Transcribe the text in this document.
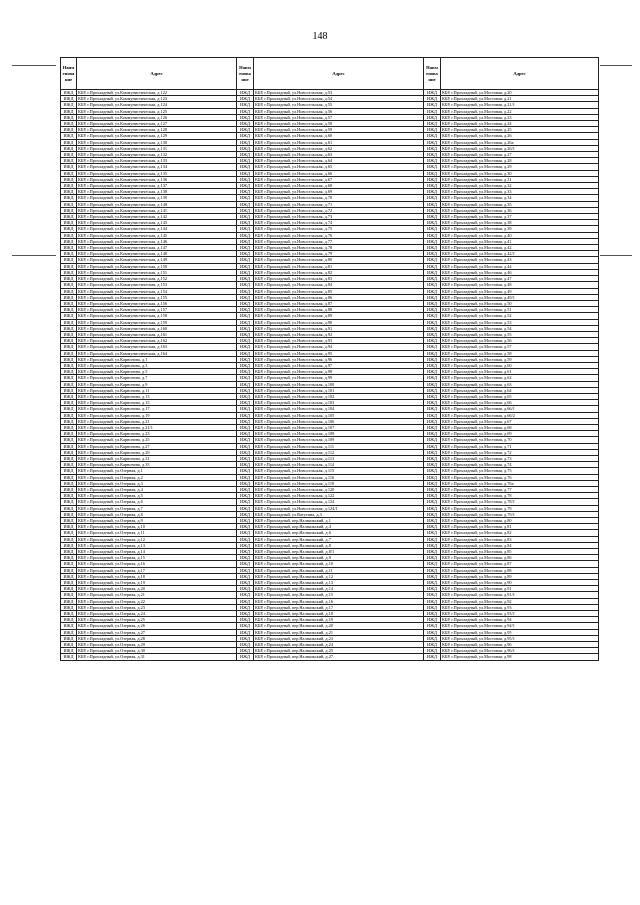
148
Наим енова ние	Адрес	Наим енова ние	Адрес	Наим енова ние	Адрес
ИЖД	КБР, г.Прохладный, ул.Коммунистическая, д.122	ИЖД	КБР, г.Прохладный, ул.Новосельская, д.53	ИЖД	КБР, г.Прохладный, ул.Мостовая, д.20
ИЖД	КБР, г.Прохладный, ул.Коммунистическая, д.123	ИЖД	КБР, г.Прохладный, ул.Новосельская, д.54	ИЖД	КБР, г.Прохладный, ул.Мостовая, д.21
ИЖД	КБР, г.Прохладный, ул.Коммунистическая, д.124	ИЖД	КБР, г.Прохладный, ул.Новосельская, д.55	ИЖД	КБР, г.Прохладный, ул.Мостовая, д.21/1
ИЖД	КБР, г.Прохладный, ул.Коммунистическая, д.125	ИЖД	КБР, г.Прохладный, ул.Новосельская, д.56	ИЖД	КБР, г.Прохладный, ул.Мостовая, д.22
ИЖД	КБР, г.Прохладный, ул.Коммунистическая, д.126	ИЖД	КБР, г.Прохладный, ул.Новосельская, д.57	ИЖД	КБР, г.Прохладный, ул.Мостовая, д.23
ИЖД	КБР, г.Прохладный, ул.Коммунистическая, д.127	ИЖД	КБР, г.Прохладный, ул.Новосельская, д.58	ИЖД	КБР, г.Прохладный, ул.Мостовая, д.24
ИЖД	КБР, г.Прохладный, ул.Коммунистическая, д.128	ИЖД	КБР, г.Прохладный, ул.Новосельская, д.59	ИЖД	КБР, г.Прохладный, ул.Мостовая, д.25
ИЖД	КБР, г.Прохладный, ул.Коммунистическая, д.129	ИЖД	КБР, г.Прохладный, ул.Новосельская, д.60	ИЖД	КБР, г.Прохладный, ул.Мостовая, д.26
ИЖД	КБР, г.Прохладный, ул.Коммунистическая, д.130	ИЖД	КБР, г.Прохладный, ул.Новосельская, д.61	ИЖД	КБР, г.Прохладный, ул.Мостовая, д.26а
ИЖД	КБР, г.Прохладный, ул.Коммунистическая, д.131	ИЖД	КБР, г.Прохладный, ул.Новосельская, д.62	ИЖД	КБР, г.Прохладный, ул.Мостовая, д.26/1
ИЖД	КБР, г.Прохладный, ул.Коммунистическая, д.132	ИЖД	КБР, г.Прохладный, ул.Новосельская, д.63	ИЖД	КБР, г.Прохладный, ул.Мостовая, д.27
ИЖД	КБР, г.Прохладный, ул.Коммунистическая, д.133	ИЖД	КБР, г.Прохладный, ул.Новосельская, д.64	ИЖД	КБР, г.Прохладный, ул.Мостовая, д.28
ИЖД	КБР, г.Прохладный, ул.Коммунистическая, д.134	ИЖД	КБР, г.Прохладный, ул.Новосельская, д.65	ИЖД	КБР, г.Прохладный, ул.Мостовая, д.29
ИЖД	КБР, г.Прохладный, ул.Коммунистическая, д.135	ИЖД	КБР, г.Прохладный, ул.Новосельская, д.66	ИЖД	КБР, г.Прохладный, ул.Мостовая, д.30
ИЖД	КБР, г.Прохладный, ул.Коммунистическая, д.136	ИЖД	КБР, г.Прохладный, ул.Новосельская, д.67	ИЖД	КБР, г.Прохладный, ул.Мостовая, д.31
ИЖД	КБР, г.Прохладный, ул.Коммунистическая, д.137	ИЖД	КБР, г.Прохладный, ул.Новосельская, д.68	ИЖД	КБР, г.Прохладный, ул.Мостовая, д.32
ИЖД	КБР, г.Прохладный, ул.Коммунистическая, д.138	ИЖД	КБР, г.Прохладный, ул.Новосельская, д.69	ИЖД	КБР, г.Прохладный, ул.Мостовая, д.33
ИЖД	КБР, г.Прохладный, ул.Коммунистическая, д.139	ИЖД	КБР, г.Прохладный, ул.Новосельская, д.70	ИЖД	КБР, г.Прохладный, ул.Мостовая, д.34
ИЖД	КБР, г.Прохладный, ул.Коммунистическая, д.140	ИЖД	КБР, г.Прохладный, ул.Новосельская, д.71	ИЖД	КБР, г.Прохладный, ул.Мостовая, д.35
ИЖД	КБР, г.Прохладный, ул.Коммунистическая, д.141	ИЖД	КБР, г.Прохладный, ул.Новосельская, д.72	ИЖД	КБР, г.Прохладный, ул.Мостовая, д.36
ИЖД	КБР, г.Прохладный, ул.Коммунистическая, д.142	ИЖД	КБР, г.Прохладный, ул.Новосельская, д.73	ИЖД	КБР, г.Прохладный, ул.Мостовая, д.37
ИЖД	КБР, г.Прохладный, ул.Коммунистическая, д.143	ИЖД	КБР, г.Прохладный, ул.Новосельская, д.74	ИЖД	КБР, г.Прохладный, ул.Мостовая, д.38
ИЖД	КБР, г.Прохладный, ул.Коммунистическая, д.144	ИЖД	КБР, г.Прохладный, ул.Новосельская, д.75	ИЖД	КБР, г.Прохладный, ул.Мостовая, д.39
ИЖД	КБР, г.Прохладный, ул.Коммунистическая, д.145	ИЖД	КБР, г.Прохладный, ул.Новосельская, д.76	ИЖД	КБР, г.Прохладный, ул.Мостовая, д.40
ИЖД	КБР, г.Прохладный, ул.Коммунистическая, д.146	ИЖД	КБР, г.Прохладный, ул.Новосельская, д.77	ИЖД	КБР, г.Прохладный, ул.Мостовая, д.41
ИЖД	КБР, г.Прохладный, ул.Коммунистическая, д.147	ИЖД	КБР, г.Прохладный, ул.Новосельская, д.78	ИЖД	КБР, г.Прохладный, ул.Мостовая, д.42
ИЖД	КБР, г.Прохладный, ул.Коммунистическая, д.148	ИЖД	КБР, г.Прохладный, ул.Новосельская, д.79	ИЖД	КБР, г.Прохладный, ул.Мостовая, д.42/1
ИЖД	КБР, г.Прохладный, ул.Коммунистическая, д.149	ИЖД	КБР, г.Прохладный, ул.Новосельская, д.80	ИЖД	КБР, г.Прохладный, ул.Мостовая, д.43
ИЖД	КБР, г.Прохладный, ул.Коммунистическая, д.150	ИЖД	КБР, г.Прохладный, ул.Новосельская, д.81	ИЖД	КБР, г.Прохладный, ул.Мостовая, д.44
ИЖД	КБР, г.Прохладный, ул.Коммунистическая, д.151	ИЖД	КБР, г.Прохладный, ул.Новосельская, д.82	ИЖД	КБР, г.Прохладный, ул.Мостовая, д.46
ИЖД	КБР, г.Прохладный, ул.Коммунистическая, д.152	ИЖД	КБР, г.Прохладный, ул.Новосельская, д.83	ИЖД	КБР, г.Прохладный, ул.Мостовая, д.47
ИЖД	КБР, г.Прохладный, ул.Коммунистическая, д.153	ИЖД	КБР, г.Прохладный, ул.Новосельская, д.84	ИЖД	КБР, г.Прохладный, ул.Мостовая, д.48
ИЖД	КБР, г.Прохладный, ул.Коммунистическая, д.154	ИЖД	КБР, г.Прохладный, ул.Новосельская, д.85	ИЖД	КБР, г.Прохладный, ул.Мостовая, д.49
ИЖД	КБР, г.Прохладный, ул.Коммунистическая, д.155	ИЖД	КБР, г.Прохладный, ул.Новосельская, д.86	ИЖД	КБР, г.Прохладный, ул.Мостовая, д.49/1
ИЖД	КБР, г.Прохладный, ул.Коммунистическая, д.156	ИЖД	КБР, г.Прохладный, ул.Новосельская, д.87	ИЖД	КБР, г.Прохладный, ул.Мостовая, д.50
ИЖД	КБР, г.Прохладный, ул.Коммунистическая, д.157	ИЖД	КБР, г.Прохладный, ул.Новосельская, д.88	ИЖД	КБР, г.Прохладный, ул.Мостовая, д.51
ИЖД	КБР, г.Прохладный, ул.Коммунистическая, д.158	ИЖД	КБР, г.Прохладный, ул.Новосельская, д.89	ИЖД	КБР, г.Прохладный, ул.Мостовая, д.52
ИЖД	КБР, г.Прохладный, ул.Коммунистическая, д.159	ИЖД	КБР, г.Прохладный, ул.Новосельская, д.90	ИЖД	КБР, г.Прохладный, ул.Мостовая, д.53
ИЖД	КБР, г.Прохладный, ул.Коммунистическая, д.160	ИЖД	КБР, г.Прохладный, ул.Новосельская, д.91	ИЖД	КБР, г.Прохладный, ул.Мостовая, д.54
ИЖД	КБР, г.Прохладный, ул.Коммунистическая, д.161	ИЖД	КБР, г.Прохладный, ул.Новосельская, д.92	ИЖД	КБР, г.Прохладный, ул.Мостовая, д.55
ИЖД	КБР, г.Прохладный, ул.Коммунистическая, д.162	ИЖД	КБР, г.Прохладный, ул.Новосельская, д.93	ИЖД	КБР, г.Прохладный, ул.Мостовая, д.56
ИЖД	КБР, г.Прохладный, ул.Коммунистическая, д.163	ИЖД	КБР, г.Прохладный, ул.Новосельская, д.94	ИЖД	КБР, г.Прохладный, ул.Мостовая, д.57
ИЖД	КБР, г.Прохладный, ул.Коммунистическая, д.164	ИЖД	КБР, г.Прохладный, ул.Новосельская, д.95	ИЖД	КБР, г.Прохладный, ул.Мостовая, д.58
ИЖД	КБР, г.Прохладный, ул.Карнонова, д.1	ИЖД	КБР, г.Прохладный, ул.Новосельская, д.96	ИЖД	КБР, г.Прохладный, ул.Мостовая, д.59
ИЖД	КБР, г.Прохладный, ул.Карнонова, д.3	ИЖД	КБР, г.Прохладный, ул.Новосельская, д.97	ИЖД	КБР, г.Прохладный, ул.Мостовая, д.60
ИЖД	КБР, г.Прохладный, ул.Карнонова, д.5	ИЖД	КБР, г.Прохладный, ул.Новосельская, д.98	ИЖД	КБР, г.Прохладный, ул.Мостовая, д.61
ИЖД	КБР, г.Прохладный, ул.Карнонова, д.7	ИЖД	КБР, г.Прохладный, ул.Новосельская, д.99	ИЖД	КБР, г.Прохладный, ул.Мостовая, д.62
ИЖД	КБР, г.Прохладный, ул.Карнонова, д.9	ИЖД	КБР, г.Прохладный, ул.Новосельская, д.100	ИЖД	КБР, г.Прохладный, ул.Мостовая, д.63
ИЖД	КБР, г.Прохладный, ул.Карнонова, д.11	ИЖД	КБР, г.Прохладный, ул.Новосельская, д.101	ИЖД	КБР, г.Прохладный, ул.Мостовая, д.64
ИЖД	КБР, г.Прохладный, ул.Карнонова, д.13	ИЖД	КБР, г.Прохладный, ул.Новосельская, д.102	ИЖД	КБР, г.Прохладный, ул.Мостовая, д.65
ИЖД	КБР, г.Прохладный, ул.Карнонова, д.15	ИЖД	КБР, г.Прохладный, ул.Новосельская, д.103	ИЖД	КБР, г.Прохладный, ул.Мостовая, д.66
ИЖД	КБР, г.Прохладный, ул.Карнонова, д.17	ИЖД	КБР, г.Прохладный, ул.Новосельская, д.104	ИЖД	КБР, г.Прохладный, ул.Мостовая, д.66/1
ИЖД	КБР, г.Прохладный, ул.Карнонова, д.19	ИЖД	КБР, г.Прохладный, ул.Новосельская, д.105	ИЖД	КБР, г.Прохладный, ул.Мостовая, д.66/2
ИЖД	КБР, г.Прохладный, ул.Карнонова, д.21	ИЖД	КБР, г.Прохладный, ул.Новосельская, д.106	ИЖД	КБР, г.Прохладный, ул.Мостовая, д.67
ИЖД	КБР, г.Прохладный, ул.Карнонова, д.21/1	ИЖД	КБР, г.Прохладный, ул.Новосельская, д.107	ИЖД	КБР, г.Прохладный, ул.Мостовая, д.68
ИЖД	КБР, г.Прохладный, ул.Карнонова, д.23	ИЖД	КБР, г.Прохладный, ул.Новосельская, д.108	ИЖД	КБР, г.Прохладный, ул.Мостовая, д.69
ИЖД	КБР, г.Прохладный, ул.Карнонова, д.25	ИЖД	КБР, г.Прохладный, ул.Новосельская, д.109	ИЖД	КБР, г.Прохладный, ул.Мостовая, д.70
ИЖД	КБР, г.Прохладный, ул.Карнонова, д.27	ИЖД	КБР, г.Прохладный, ул.Новосельская, д.111	ИЖД	КБР, г.Прохладный, ул.Мостовая, д.71
ИЖД	КБР, г.Прохладный, ул.Карнонова, д.29	ИЖД	КБР, г.Прохладный, ул.Новосельская, д.112	ИЖД	КБР, г.Прохладный, ул.Мостовая, д.72
ИЖД	КБР, г.Прохладный, ул.Карнонова, д.31	ИЖД	КБР, г.Прохладный, ул.Новосельская, д.113	ИЖД	КБР, г.Прохладный, ул.Мостовая, д.73
ИЖД	КБР, г.Прохладный, ул.Карнонова, д.33	ИЖД	КБР, г.Прохладный, ул.Новосельская, д.114	ИЖД	КБР, г.Прохладный, ул.Мостовая, д.74
ИЖД	КБР, г.Прохладный, ул.Озерная, д.1	ИЖД	КБР, г.Прохладный, ул.Новосельская, д.115	ИЖД	КБР, г.Прохладный, ул.Мостовая, д.75
ИЖД	КБР, г.Прохладный, ул.Озерная, д.2	ИЖД	КБР, г.Прохладный, ул.Новосельская, д.116	ИЖД	КБР, г.Прохладный, ул.Мостовая, д.76
ИЖД	КБР, г.Прохладный, ул.Озерная, д.3	ИЖД	КБР, г.Прохладный, ул.Новосельская, д.118	ИЖД	КБР, г.Прохладный, ул.Мостовая, д.76а
ИЖД	КБР, г.Прохладный, ул.Озерная, д.4	ИЖД	КБР, г.Прохладный, ул.Новосельская, д.120	ИЖД	КБР, г.Прохладный, ул.Мостовая, д.77
ИЖД	КБР, г.Прохладный, ул.Озерная, д.5	ИЖД	КБР, г.Прохладный, ул.Новосельская, д.122	ИЖД	КБР, г.Прохладный, ул.Мостовая, д.78
ИЖД	КБР, г.Прохладный, ул.Озерная, д.6	ИЖД	КБР, г.Прохладный, ул.Новосельская, д.124	ИЖД	КБР, г.Прохладный, ул.Мостовая, д.78/1
ИЖД	КБР, г.Прохладный, ул.Озерная, д.7	ИЖД	КБР, г.Прохладный, ул.Новосельская, д.124/1	ИЖД	КБР, г.Прохладный, ул.Мостовая, д.79
ИЖД	КБР, г.Прохладный, ул.Озерная, д.8	ИЖД	КБР, г.Прохладный, ул.Ватутина, д.3	ИЖД	КБР, г.Прохладный, ул.Мостовая, д.79/1
ИЖД	КБР, г.Прохладный, ул.Озерная, д.9	ИЖД	КБР, г.Прохладный, пер.Нальчикский, д.1	ИЖД	КБР, г.Прохладный, ул.Мостовая, д.80
ИЖД	КБР, г.Прохладный, ул.Озерная, д.10	ИЖД	КБР, г.Прохладный, пер.Нальчикский, д.4	ИЖД	КБР, г.Прохладный, ул.Мостовая, д.81
ИЖД	КБР, г.Прохладный, ул.Озерная, д.11	ИЖД	КБР, г.Прохладный, пер.Нальчикский, д.6	ИЖД	КБР, г.Прохладный, ул.Мостовая, д.82
ИЖД	КБР, г.Прохладный, ул.Озерная, д.12	ИЖД	КБР, г.Прохладный, пер.Нальчикский, д.7	ИЖД	КБР, г.Прохладный, ул.Мостовая, д.83
ИЖД	КБР, г.Прохладный, ул.Озерная, д.13	ИЖД	КБР, г.Прохладный, пер.Нальчикский, д.8	ИЖД	КБР, г.Прохладный, ул.Мостовая, д.84
ИЖД	КБР, г.Прохладный, ул.Озерная, д.14	ИЖД	КБР, г.Прохладный, пер.Нальчикский, д.8/1	ИЖД	КБР, г.Прохладный, ул.Мостовая, д.85
ИЖД	КБР, г.Прохладный, ул.Озерная, д.15	ИЖД	КБР, г.Прохладный, пер.Нальчикский, д.9	ИЖД	КБР, г.Прохладный, ул.Мостовая, д.86
ИЖД	КБР, г.Прохладный, ул.Озерная, д.16	ИЖД	КБР, г.Прохладный, пер.Нальчикский, д.10	ИЖД	КБР, г.Прохладный, ул.Мостовая, д.87
ИЖД	КБР, г.Прохладный, ул.Озерная, д.17	ИЖД	КБР, г.Прохладный, пер.Нальчикский, д.11	ИЖД	КБР, г.Прохладный, ул.Мостовая, д.88
ИЖД	КБР, г.Прохладный, ул.Озерная, д.18	ИЖД	КБР, г.Прохладный, пер.Нальчикский, д.12	ИЖД	КБР, г.Прохладный, ул.Мостовая, д.89
ИЖД	КБР, г.Прохладный, ул.Озерная, д.19	ИЖД	КБР, г.Прохладный, пер.Нальчикский, д.13	ИЖД	КБР, г.Прохладный, ул.Мостовая, д.90
ИЖД	КБР, г.Прохладный, ул.Озерная, д.20	ИЖД	КБР, г.Прохладный, пер.Нальчикский, д.14	ИЖД	КБР, г.Прохладный, ул.Мостовая, д.91
ИЖД	КБР, г.Прохладный, ул.Озерная, д.21	ИЖД	КБР, г.Прохладный, пер.Нальчикский, д.15	ИЖД	КБР, г.Прохладный, ул.Мостовая, д.91/1
ИЖД	КБР, г.Прохладный, ул.Озерная, д.22	ИЖД	КБР, г.Прохладный, пер.Нальчикский, д.16	ИЖД	КБР, г.Прохладный, ул.Мостовая, д.92
ИЖД	КБР, г.Прохладный, ул.Озерная, д.23	ИЖД	КБР, г.Прохладный, пер.Нальчикский, д.17	ИЖД	КБР, г.Прохладный, ул.Мостовая, д.93
ИЖД	КБР, г.Прохладный, ул.Озерная, д.24	ИЖД	КБР, г.Прохладный, пер.Нальчикский, д.18	ИЖД	КБР, г.Прохладный, ул.Мостовая, д.93/1
ИЖД	КБР, г.Прохладный, ул.Озерная, д.25	ИЖД	КБР, г.Прохладный, пер.Нальчикский, д.19	ИЖД	КБР, г.Прохладный, ул.Мостовая, д.94
ИЖД	КБР, г.Прохладный, ул.Озерная, д.26	ИЖД	КБР, г.Прохладный, пер.Нальчикский, д.20	ИЖД	КБР, г.Прохладный, ул.Мостовая, д.94/1
ИЖД	КБР, г.Прохладный, ул.Озерная, д.27	ИЖД	КБР, г.Прохладный, пер.Нальчикский, д.21	ИЖД	КБР, г.Прохладный, ул.Мостовая, д.95
ИЖД	КБР, г.Прохладный, ул.Озерная, д.28	ИЖД	КБР, г.Прохладный, пер.Нальчикский, д.23	ИЖД	КБР, г.Прохладный, ул.Мостовая, д.95/1
ИЖД	КБР, г.Прохладный, ул.Озерная, д.29	ИЖД	КБР, г.Прохладный, пер.Нальчикский, д.24	ИЖД	КБР, г.Прохладный, ул.Мостовая, д.96
ИЖД	КБР, г.Прохладный, ул.Озерная, д.30	ИЖД	КБР, г.Прохладный, пер.Нальчикский, д.25	ИЖД	КБР, г.Прохладный, ул.Мостовая, д.96/1
ИЖД	КБР, г.Прохладный, ул.Озерная, д.31	ИЖД	КБР, г.Прохладный, пер.Нальчикский, д.27	ИЖД	КБР, г.Прохладный, ул.Мостовая, д.98
